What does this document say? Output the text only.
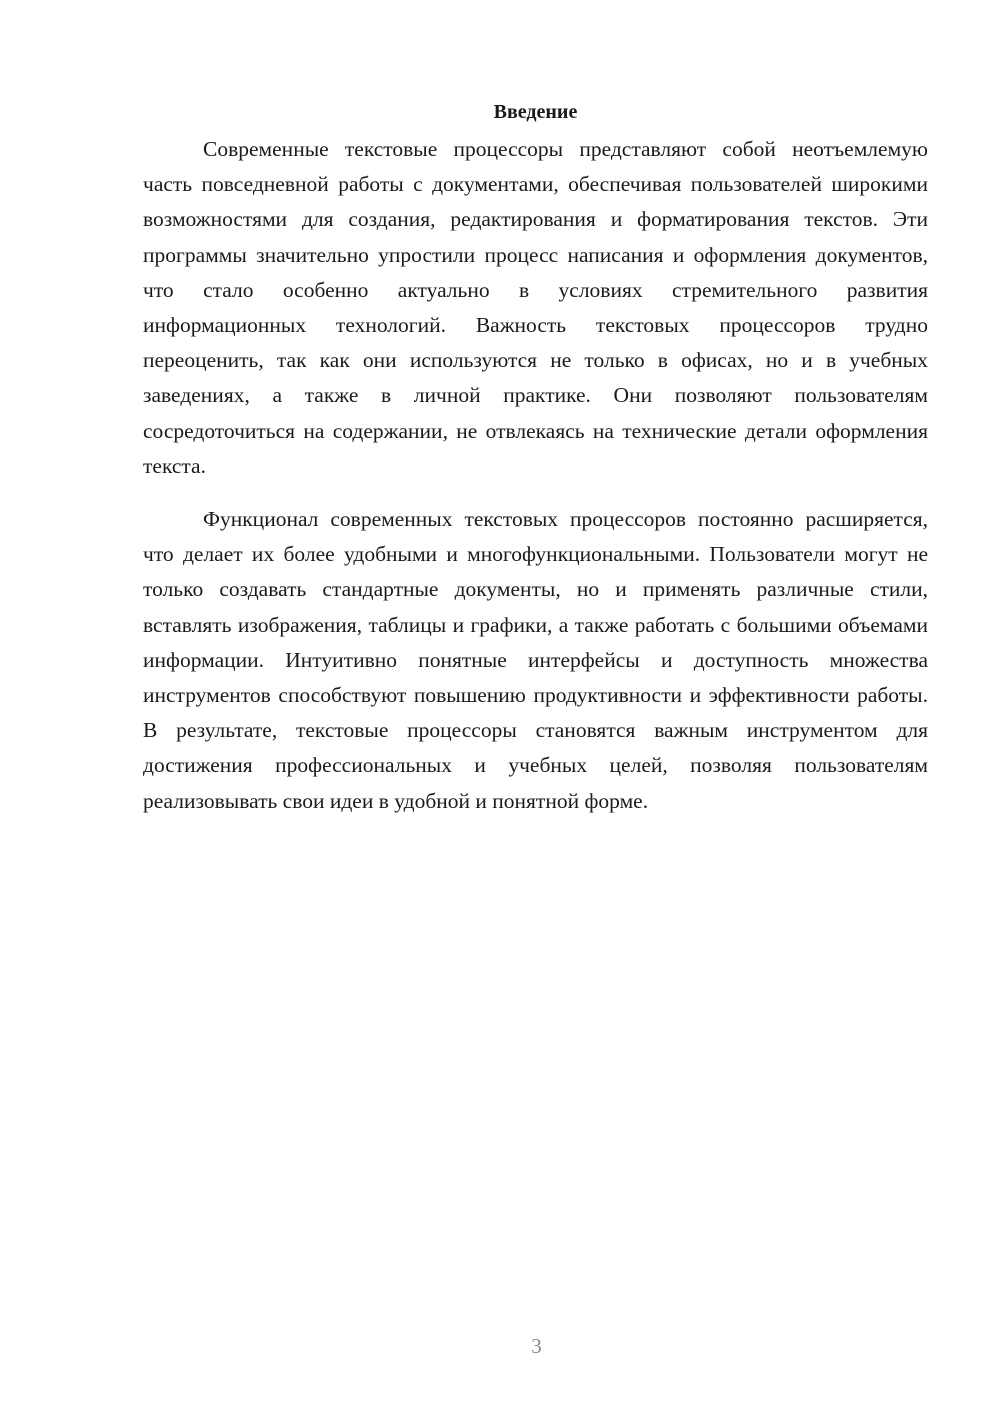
Введение

Современные текстовые процессоры представляют собой неотъемлемую часть повседневной работы с документами, обеспечивая пользователей широкими возможностями для создания, редактирования и форматирования текстов. Эти программы значительно упростили процесс написания и оформления документов, что стало особенно актуально в условиях стремительного развития информационных технологий. Важность текстовых процессоров трудно переоценить, так как они используются не только в офисах, но и в учебных заведениях, а также в личной практике. Они позволяют пользователям сосредоточиться на содержании, не отвлекаясь на технические детали оформления текста.

Функционал современных текстовых процессоров постоянно расширяется, что делает их более удобными и многофункциональными. Пользователи могут не только создавать стандартные документы, но и применять различные стили, вставлять изображения, таблицы и графики, а также работать с большими объемами информации. Интуитивно понятные интерфейсы и доступность множества инструментов способствуют повышению продуктивности и эффективности работы. В результате, текстовые процессоры становятся важным инструментом для достижения профессиональных и учебных целей, позволяя пользователям реализовывать свои идеи в удобной и понятной форме.

3
